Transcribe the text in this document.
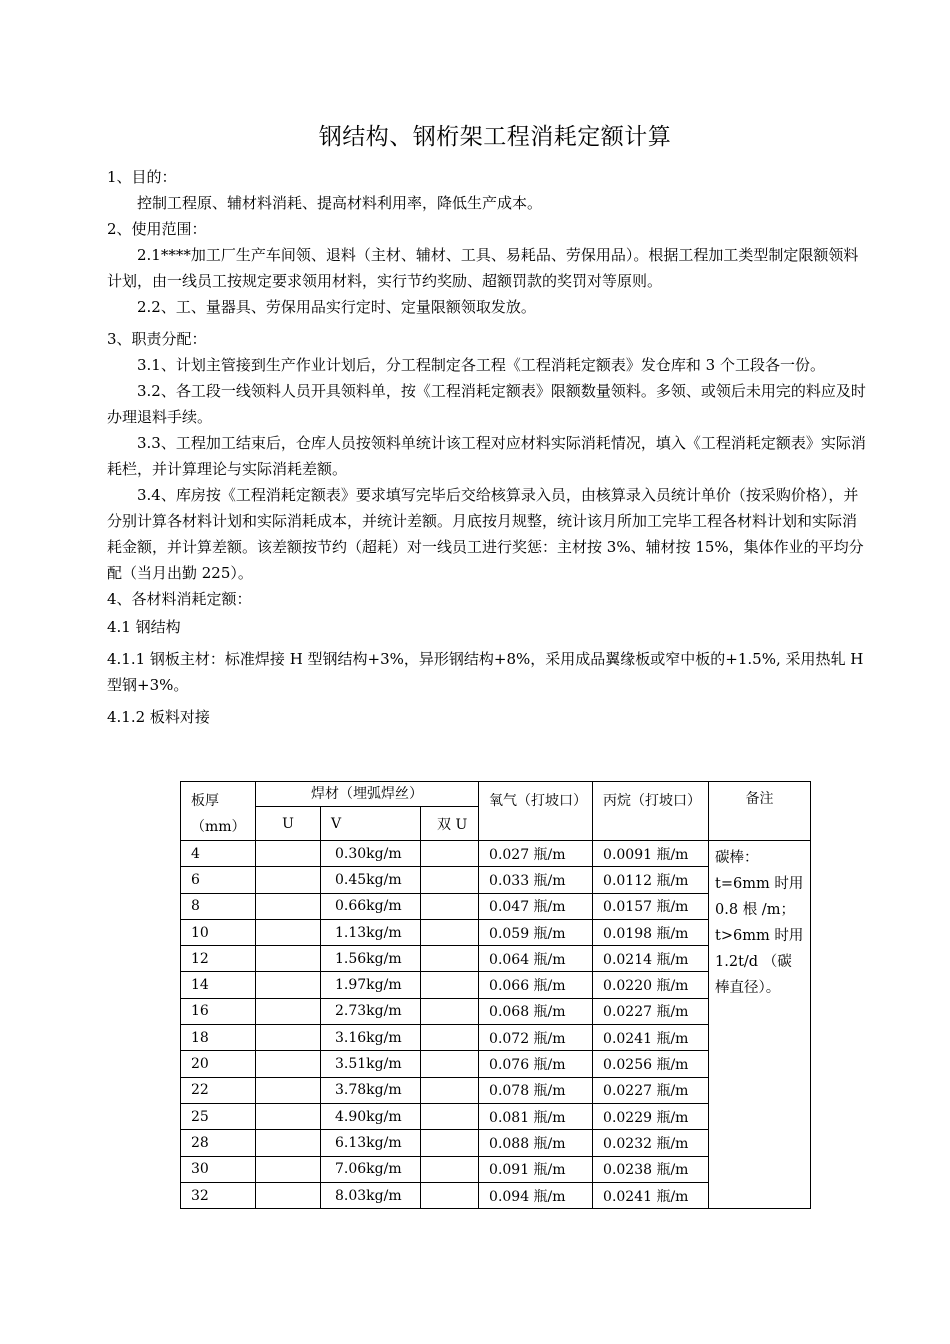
钢结构、钢桁架工程消耗定额计算

1、目的：

控制工程原、辅材料消耗、提高材料利用率，降低生产成本。

2、使用范围：

2.1****加工厂生产车间领、退料（主材、辅材、工具、易耗品、劳保用品）。根据工程加工类型制定限额领料计划，由一线员工按规定要求领用材料，实行节约奖励、超额罚款的奖罚对等原则。

2.2、工、量器具、劳保用品实行定时、定量限额领取发放。

3、职责分配：

3.1、计划主管接到生产作业计划后，分工程制定各工程《工程消耗定额表》发仓库和 3 个工段各一份。

3.2、各工段一线领料人员开具领料单，按《工程消耗定额表》限额数量领料。多领、或领后未用完的料应及时办理退料手续。

3.3、工程加工结束后，仓库人员按领料单统计该工程对应材料实际消耗情况，填入《工程消耗定额表》实际消耗栏，并计算理论与实际消耗差额。

3.4、库房按《工程消耗定额表》要求填写完毕后交给核算录入员，由核算录入员统计单价（按采购价格），并分别计算各材料计划和实际消耗成本，并统计差额。月底按月规整，统计该月所加工完毕工程各材料计划和实际消耗金额，并计算差额。该差额按节约（超耗）对一线员工进行奖惩：主材按 3%、辅材按 15%，集体作业的平均分配（当月出勤 225）。

4、各材料消耗定额：

4.1 钢结构

4.1.1 钢板主材：标准焊接 H 型钢结构+3%，异形钢结构+8%，采用成品翼缘板或窄中板的+1.5%, 采用热轧 H 型钢+3%。

4.1.2 板料对接

板厚
（mm）	焊材（埋弧焊丝）			氧气（打坡口）	丙烷（打坡口）	备注
	U	V	双 U			
4		0.30kg/m		0.027 瓶/m	0.0091 瓶/m	碳棒：t=6mm 时用 0.8 根 /m；t>6mm 时用 1.2t/d （碳棒直径）。
6		0.45kg/m		0.033 瓶/m	0.0112 瓶/m	
8		0.66kg/m		0.047 瓶/m	0.0157 瓶/m	
10		1.13kg/m		0.059 瓶/m	0.0198 瓶/m	
12		1.56kg/m		0.064 瓶/m	0.0214 瓶/m	
14		1.97kg/m		0.066 瓶/m	0.0220 瓶/m	
16		2.73kg/m		0.068 瓶/m	0.0227 瓶/m	
18		3.16kg/m		0.072 瓶/m	0.0241 瓶/m	
20		3.51kg/m		0.076 瓶/m	0.0256 瓶/m	
22		3.78kg/m		0.078 瓶/m	0.0227 瓶/m	
25		4.90kg/m		0.081 瓶/m	0.0229 瓶/m	
28		6.13kg/m		0.088 瓶/m	0.0232 瓶/m	
30		7.06kg/m		0.091 瓶/m	0.0238 瓶/m	
32		8.03kg/m		0.094 瓶/m	0.0241 瓶/m	
